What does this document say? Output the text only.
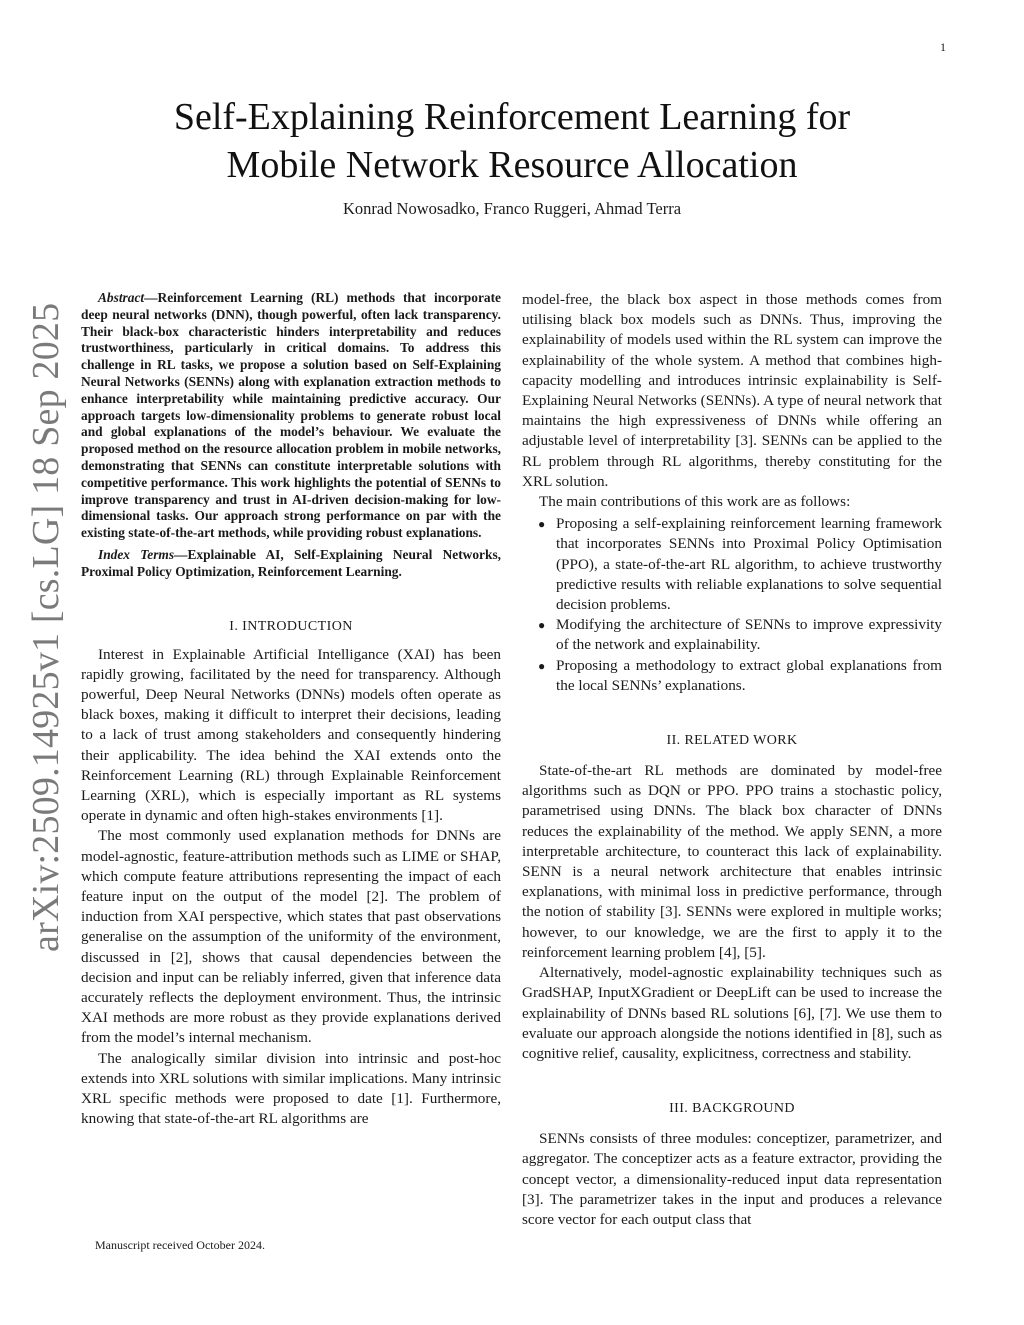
1
Self-Explaining Reinforcement Learning for
Mobile Network Resource Allocation
Konrad Nowosadko, Franco Ruggeri, Ahmad Terra
arXiv:2509.14925v1 [cs.LG] 18 Sep 2025

Abstract—Reinforcement Learning (RL) methods that incorporate deep neural networks (DNN), though powerful, often lack transparency. Their black-box characteristic hinders interpretability and reduces trustworthiness, particularly in critical domains. To address this challenge in RL tasks, we propose a solution based on Self-Explaining Neural Networks (SENNs) along with explanation extraction methods to enhance interpretability while maintaining predictive accuracy. Our approach targets low-dimensionality problems to generate robust local and global explanations of the model’s behaviour. We evaluate the proposed method on the resource allocation problem in mobile networks, demonstrating that SENNs can constitute interpretable solutions with competitive performance. This work highlights the potential of SENNs to improve transparency and trust in AI-driven decision-making for low-dimensional tasks. Our approach strong performance on par with the existing state-of-the-art methods, while providing robust explanations.

Index Terms—Explainable AI, Self-Explaining Neural Networks, Proximal Policy Optimization, Reinforcement Learning.

I. INTRODUCTION

Interest in Explainable Artificial Intelligance (XAI) has been rapidly growing, facilitated by the need for transparency. Although powerful, Deep Neural Networks (DNNs) models often operate as black boxes, making it difficult to interpret their decisions, leading to a lack of trust among stakeholders and consequently hindering their applicability. The idea behind the XAI extends onto the Reinforcement Learning (RL) through Explainable Reinforcement Learning (XRL), which is especially important as RL systems operate in dynamic and often high-stakes environments [1].

The most commonly used explanation methods for DNNs are model-agnostic, feature-attribution methods such as LIME or SHAP, which compute feature attributions representing the impact of each feature input on the output of the model [2]. The problem of induction from XAI perspective, which states that past observations generalise on the assumption of the uniformity of the environment, discussed in [2], shows that causal dependencies between the decision and input can be reliably inferred, given that inference data accurately reflects the deployment environment. Thus, the intrinsic XAI methods are more robust as they provide explanations derived from the model’s internal mechanism.

The analogically similar division into intrinsic and post-hoc extends into XRL solutions with similar implications. Many intrinsic XRL specific methods were proposed to date [1]. Furthermore, knowing that state-of-the-art RL algorithms are

model-free, the black box aspect in those methods comes from utilising black box models such as DNNs. Thus, improving the explainability of models used within the RL system can improve the explainability of the whole system. A method that combines high-capacity modelling and introduces intrinsic explainability is Self-Explaining Neural Networks (SENNs). A type of neural network that maintains the high expressiveness of DNNs while offering an adjustable level of interpretability [3]. SENNs can be applied to the RL problem through RL algorithms, thereby constituting for the XRL solution.

The main contributions of this work are as follows:

● Proposing a self-explaining reinforcement learning framework that incorporates SENNs into Proximal Policy Optimisation (PPO), a state-of-the-art RL algorithm, to achieve trustworthy predictive results with reliable explanations to solve sequential decision problems.
● Modifying the architecture of SENNs to improve expressivity of the network and explainability.
● Proposing a methodology to extract global explanations from the local SENNs’ explanations.
II. RELATED WORK

State-of-the-art RL methods are dominated by model-free algorithms such as DQN or PPO. PPO trains a stochastic policy, parametrised using DNNs. The black box character of DNNs reduces the explainability of the method. We apply SENN, a more interpretable architecture, to counteract this lack of explainability. SENN is a neural network architecture that enables intrinsic explanations, with minimal loss in predictive performance, through the notion of stability [3]. SENNs were explored in multiple works; however, to our knowledge, we are the first to apply it to the reinforcement learning problem [4], [5].

Alternatively, model-agnostic explainability techniques such as GradSHAP, InputXGradient or DeepLift can be used to increase the explainability of DNNs based RL solutions [6], [7]. We use them to evaluate our approach alongside the notions identified in [8], such as cognitive relief, causality, explicitness, correctness and stability.

III. BACKGROUND

SENNs consists of three modules: conceptizer, parametrizer, and aggregator. The conceptizer acts as a feature extractor, providing the concept vector, a dimensionality-reduced input data representation [3]. The parametrizer takes in the input and produces a relevance score vector for each output class that

Manuscript received October 2024.
